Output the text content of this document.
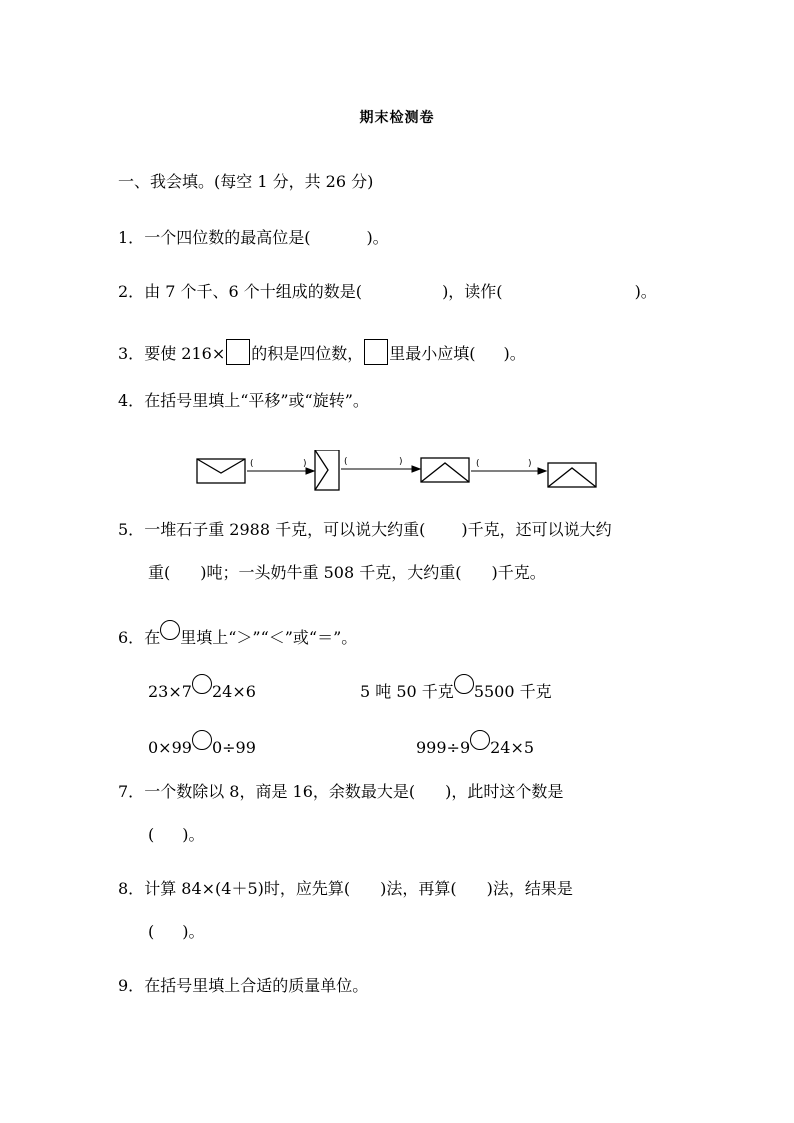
期末检测卷
一、我会填。(每空 1 分，共 26 分)
1．一个四位数的最高位是(	)。
2．由 7 个千、6 个十组成的数是(	)，读作(	)。
3．要使 216× 的积是四位数， 里最小应填( )。
4．在括号里填上“平移”或“旋转”。
(	)	(	)	(	)
5．一堆石子重 2988 千克，可以说大约重( )千克，还可以说大约
重( )吨；一头奶牛重 508 千克，大约重( )千克。
6．在 里填上“＞”“＜”或“＝”。
23×7 24×6	5 吨 50 千克 5500 千克
0×99 0÷99	999÷9 24×5
7．一个数除以 8，商是 16，余数最大是( )，此时这个数是
( )。
8．计算 84×(4＋5)时，应先算( )法，再算( )法，结果是
( )。
9．在括号里填上合适的质量单位。
